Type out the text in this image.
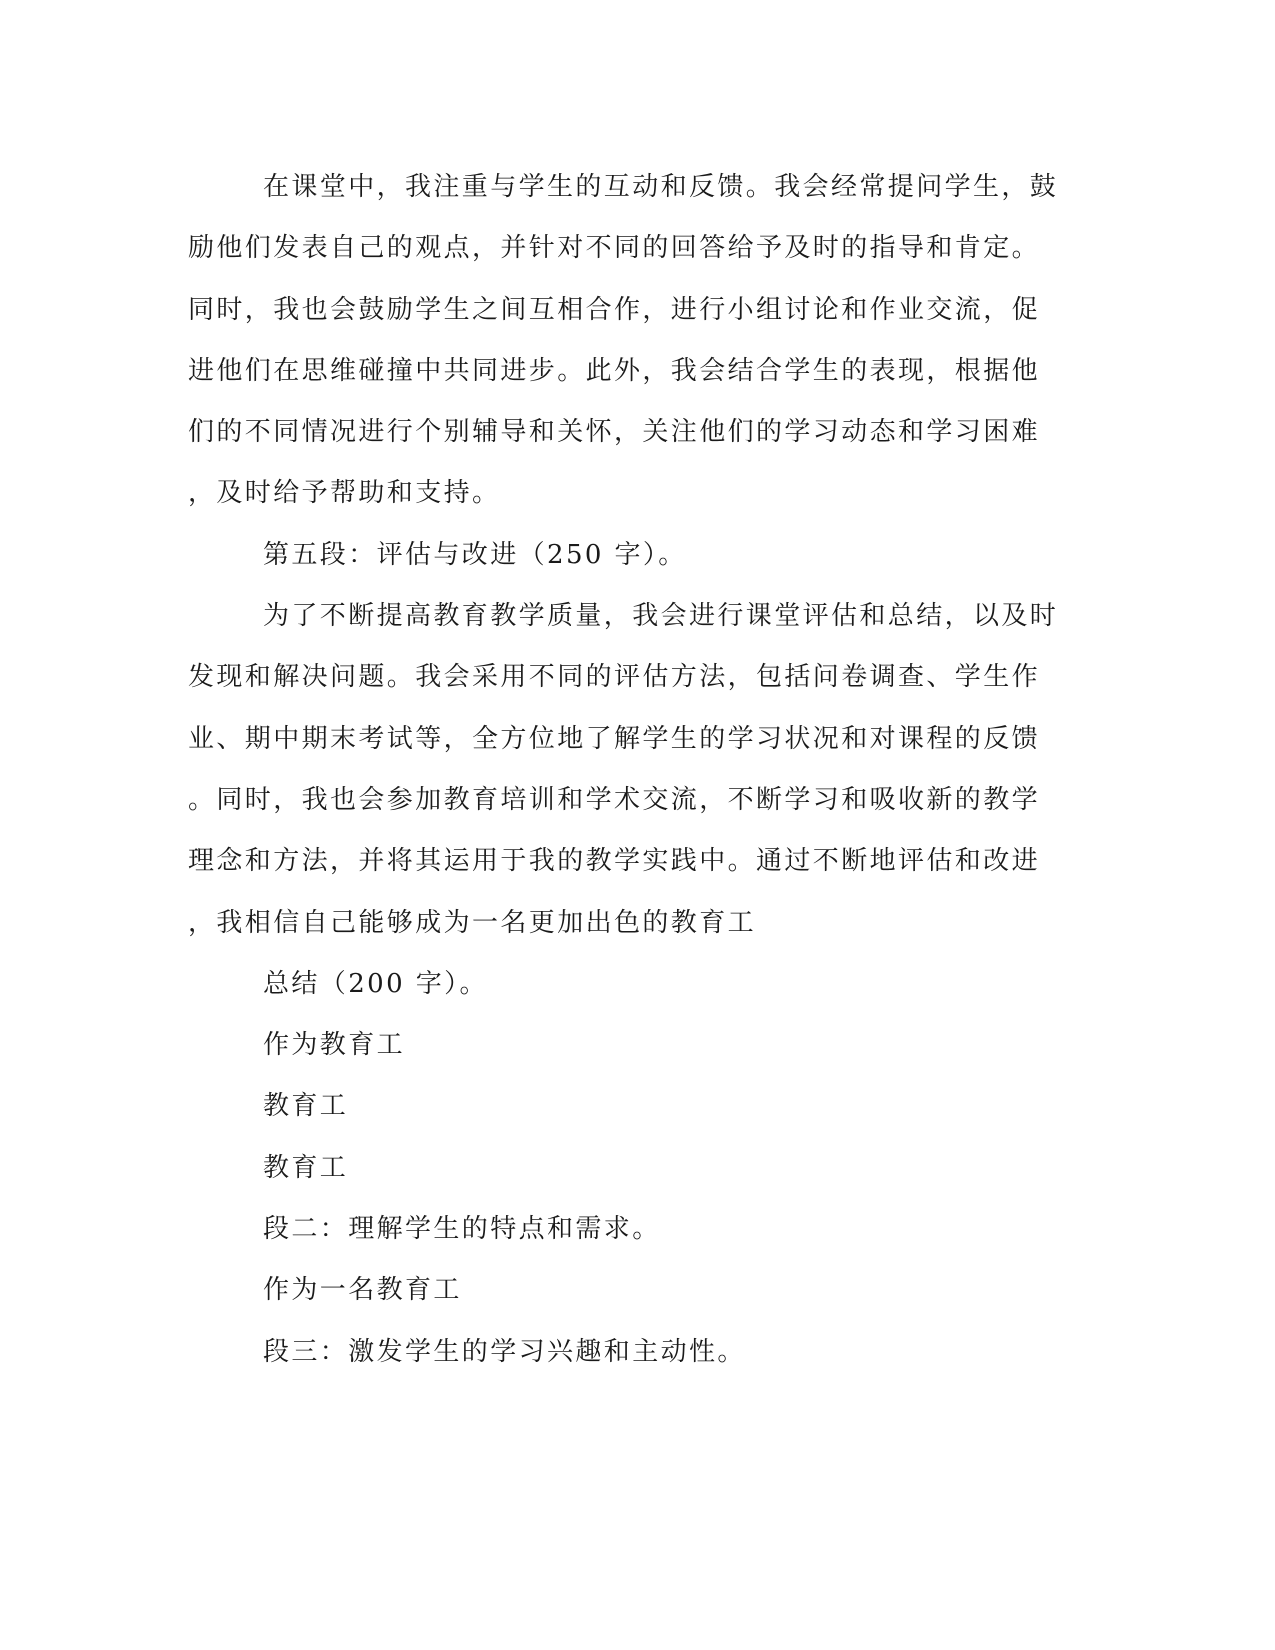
在课堂中，我注重与学生的互动和反馈。我会经常提问学生，鼓
励他们发表自己的观点，并针对不同的回答给予及时的指导和肯定。
同时，我也会鼓励学生之间互相合作，进行小组讨论和作业交流，促
进他们在思维碰撞中共同进步。此外，我会结合学生的表现，根据他
们的不同情况进行个别辅导和关怀，关注他们的学习动态和学习困难
，及时给予帮助和支持。
第五段：评估与改进（250 字）。
为了不断提高教育教学质量，我会进行课堂评估和总结，以及时
发现和解决问题。我会采用不同的评估方法，包括问卷调查、学生作
业、期中期末考试等，全方位地了解学生的学习状况和对课程的反馈
。同时，我也会参加教育培训和学术交流，不断学习和吸收新的教学
理念和方法，并将其运用于我的教学实践中。通过不断地评估和改进
，我相信自己能够成为一名更加出色的教育工
总结（200 字）。
作为教育工
教育工
教育工
段二：理解学生的特点和需求。
作为一名教育工
段三：激发学生的学习兴趣和主动性。
